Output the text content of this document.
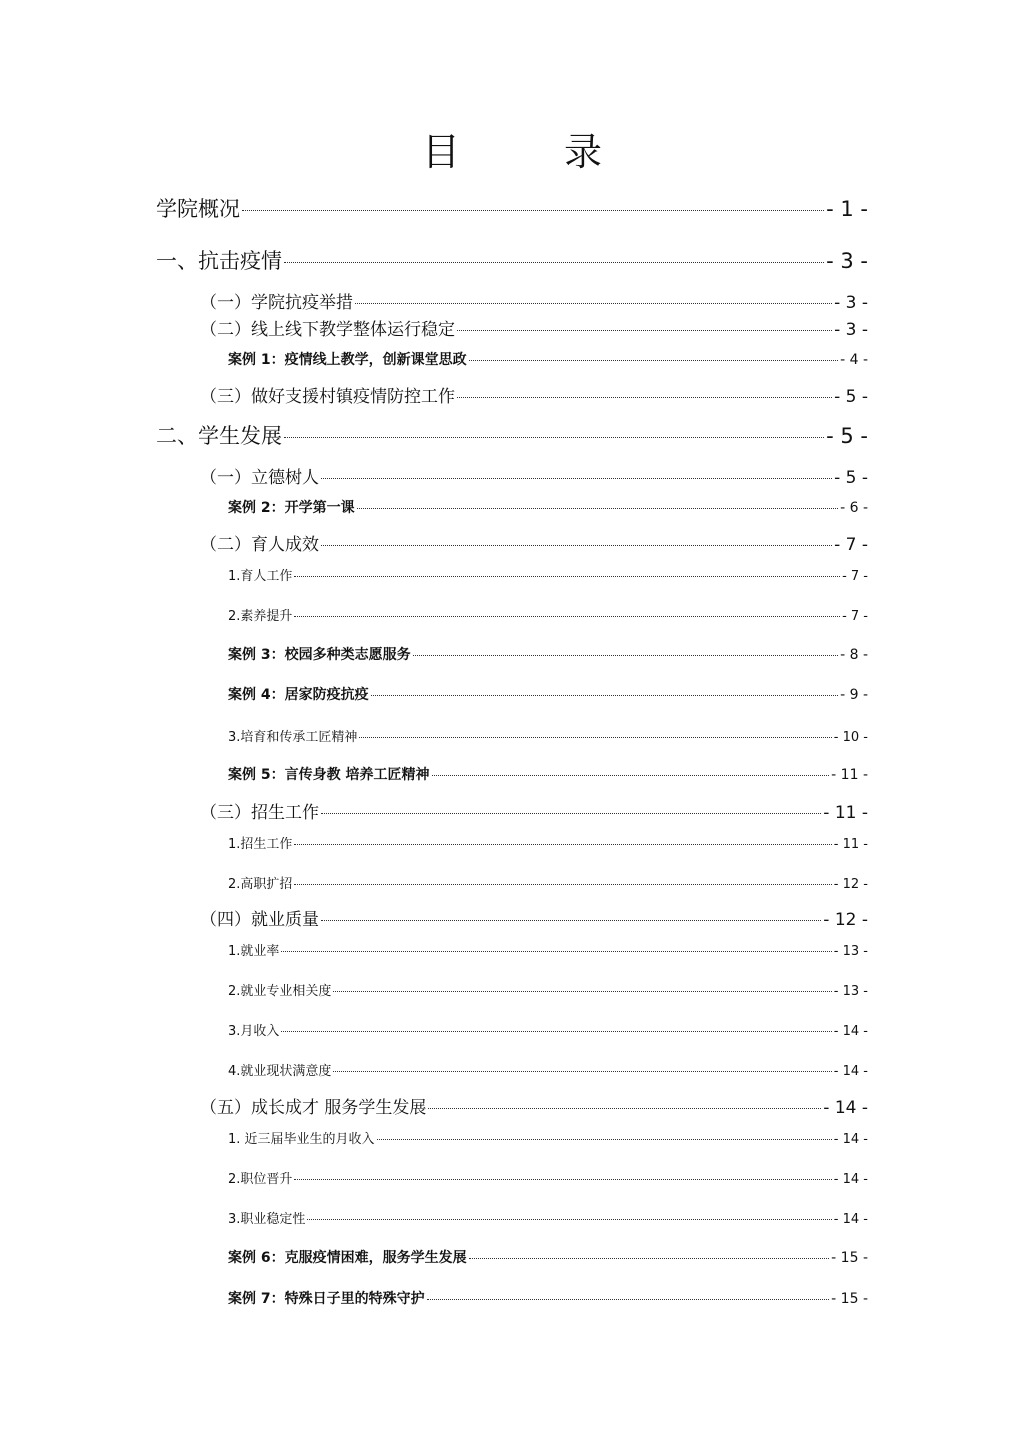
目 录
学院概况	- 1 -
一、抗击疫情	- 3 -
（一）学院抗疫举措	- 3 -
（二）线上线下教学整体运行稳定	- 3 -
案例 1：疫情线上教学，创新课堂思政	- 4 -
（三）做好支援村镇疫情防控工作	- 5 -
二、学生发展	- 5 -
（一）立德树人	- 5 -
案例 2：开学第一课	- 6 -
（二）育人成效	- 7 -
1.育人工作	- 7 -
2.素养提升	- 7 -
案例 3：校园多种类志愿服务	- 8 -
案例 4：居家防疫抗疫	- 9 -
3.培育和传承工匠精神	- 10 -
案例 5：言传身教 培养工匠精神	- 11 -
（三）招生工作	- 11 -
1.招生工作	- 11 -
2.高职扩招	- 12 -
（四）就业质量	- 12 -
1.就业率	- 13 -
2.就业专业相关度	- 13 -
3.月收入	- 14 -
4.就业现状满意度	- 14 -
（五）成长成才 服务学生发展	- 14 -
1. 近三届毕业生的月收入	- 14 -
2.职位晋升	- 14 -
3.职业稳定性	- 14 -
案例 6：克服疫情困难，服务学生发展	- 15 -
案例 7：特殊日子里的特殊守护	- 15 -
